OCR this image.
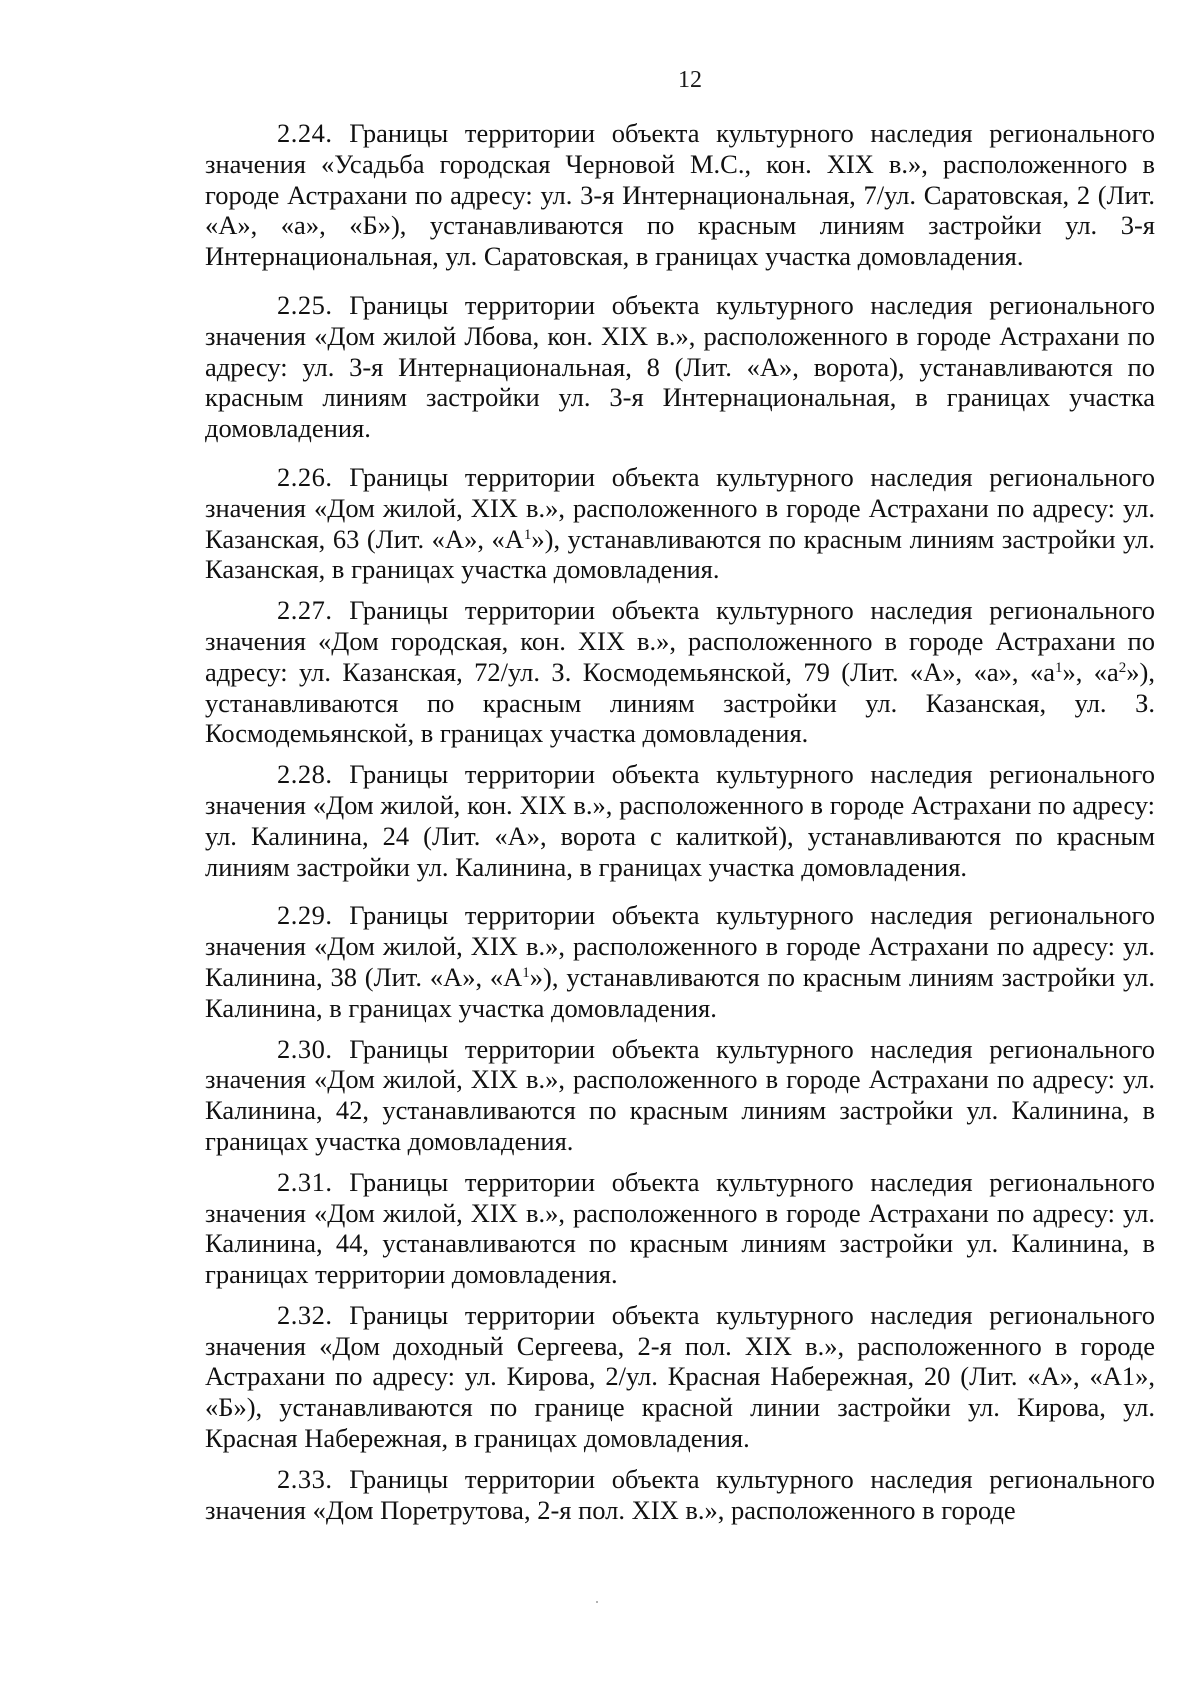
12

2.24. Границы территории объекта культурного наследия регионального значения «Усадьба городская Черновой М.С., кон. XIX в.», расположенного в городе Астрахани по адресу: ул. 3-я Интернациональная, 7/ул. Саратовская, 2 (Лит. «А», «а», «Б»), устанавливаются по красным линиям застройки ул. 3-я Интернациональная, ул. Саратовская, в границах участка домовладения.

2.25. Границы территории объекта культурного наследия регионального значения «Дом жилой Лбова, кон. XIX в.», расположенного в городе Астрахани по адресу: ул. 3-я Интернациональная, 8 (Лит. «А», ворота), устанавливаются по красным линиям застройки ул. 3-я Интернациональная, в границах участка домовладения.

2.26. Границы территории объекта культурного наследия регионального значения «Дом жилой, XIX в.», расположенного в городе Астрахани по адресу: ул. Казанская, 63 (Лит. «А», «$А^1$»), устанавливаются по красным линиям застройки ул. Казанская, в границах участка домовладения.

2.27. Границы территории объекта культурного наследия регионального значения «Дом городская, кон. XIX в.», расположенного в городе Астрахани по адресу: ул. Казанская, 72/ул. З. Космодемьянской, 79 (Лит. «А», «а», «$а^1$», «$а^2$»), устанавливаются по красным линиям застройки ул. Казанская, ул. З. Космодемьянской, в границах участка домовладения.

2.28. Границы территории объекта культурного наследия регионального значения «Дом жилой, кон. XIX в.», расположенного в городе Астрахани по адресу: ул. Калинина, 24 (Лит. «А», ворота с калиткой), устанавливаются по красным линиям застройки ул. Калинина, в границах участка домовладения.

2.29. Границы территории объекта культурного наследия регионального значения «Дом жилой, XIX в.», расположенного в городе Астрахани по адресу: ул. Калинина, 38 (Лит. «А», «$А^1$»), устанавливаются по красным линиям застройки ул. Калинина, в границах участка домовладения.

2.30. Границы территории объекта культурного наследия регионального значения «Дом жилой, XIX в.», расположенного в городе Астрахани по адресу: ул. Калинина, 42, устанавливаются по красным линиям застройки ул. Калинина, в границах участка домовладения.

2.31. Границы территории объекта культурного наследия регионального значения «Дом жилой, XIX в.», расположенного в городе Астрахани по адресу: ул. Калинина, 44, устанавливаются по красным линиям застройки ул. Калинина, в границах территории домовладения.

2.32. Границы территории объекта культурного наследия регионального значения «Дом доходный Сергеева, 2-я пол. XIX в.», расположенного в городе Астрахани по адресу: ул. Кирова, 2/ул. Красная Набережная, 20 (Лит. «А», «А1», «Б»), устанавливаются по границе красной линии застройки ул. Кирова, ул. Красная Набережная, в границах домовладения.

2.33. Границы территории объекта культурного наследия регионального значения «Дом Поретрутова, 2-я пол. XIX в.», расположенного в городе
